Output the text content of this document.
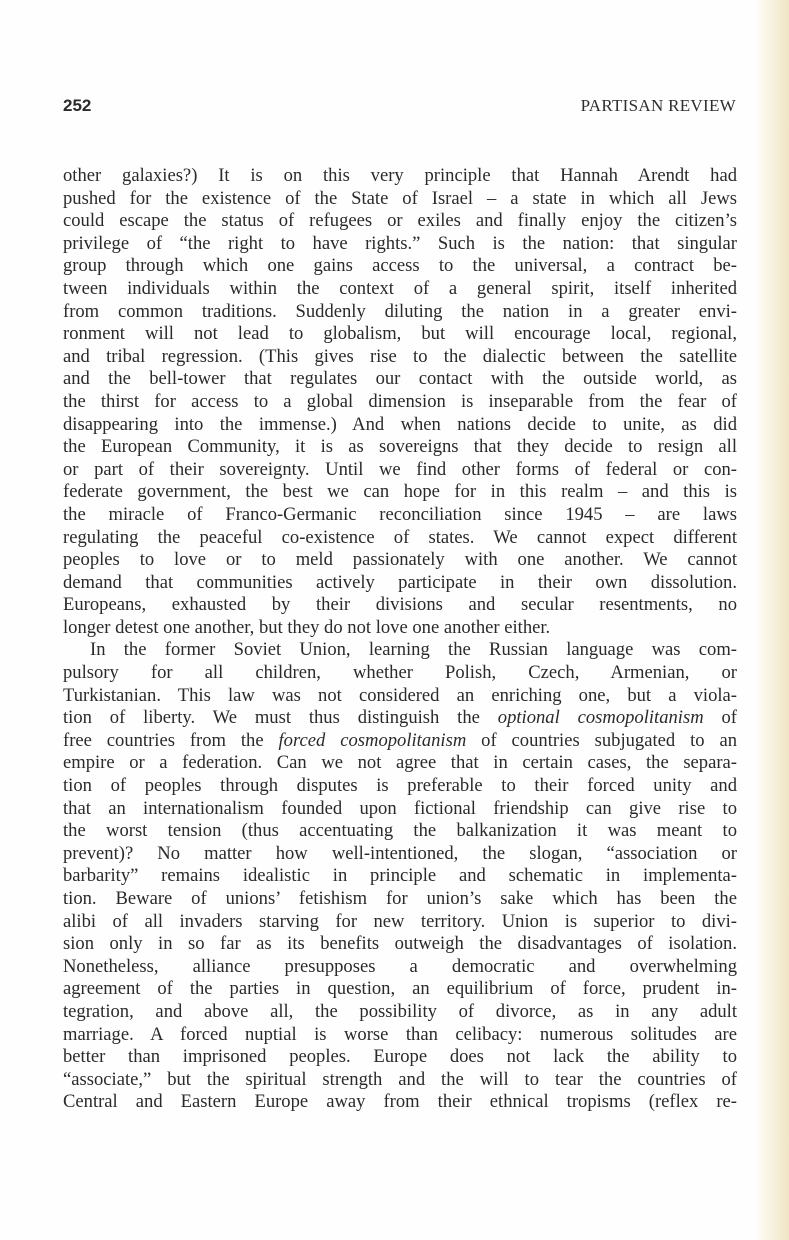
252	PARTISAN REVIEW
other galaxies?) It is on this very principle that Hannah Arendt had
pushed for the existence of the State of Israel – a state in which all Jews
could escape the status of refugees or exiles and finally enjoy the citizen’s
privilege of “the right to have rights.” Such is the nation: that singular
group through which one gains access to the universal, a contract be-
tween individuals within the context of a general spirit, itself inherited
from common traditions. Suddenly diluting the nation in a greater envi-
ronment will not lead to globalism, but will encourage local, regional,
and tribal regression. (This gives rise to the dialectic between the satellite
and the bell-tower that regulates our contact with the outside world, as
the thirst for access to a global dimension is inseparable from the fear of
disappearing into the immense.) And when nations decide to unite, as did
the European Community, it is as sovereigns that they decide to resign all
or part of their sovereignty. Until we find other forms of federal or con-
federate government, the best we can hope for in this realm – and this is
the miracle of Franco-Germanic reconciliation since 1945 – are laws
regulating the peaceful co-existence of states. We cannot expect different
peoples to love or to meld passionately with one another. We cannot
demand that communities actively participate in their own dissolution.
Europeans, exhausted by their divisions and secular resentments, no
longer detest one another, but they do not love one another either.
In the former Soviet Union, learning the Russian language was com-
pulsory for all children, whether Polish, Czech, Armenian, or
Turkistanian. This law was not considered an enriching one, but a viola-
tion of liberty. We must thus distinguish the optional cosmopolitanism of
free countries from the forced cosmopolitanism of countries subjugated to an
empire or a federation. Can we not agree that in certain cases, the separa-
tion of peoples through disputes is preferable to their forced unity and
that an internationalism founded upon fictional friendship can give rise to
the worst tension (thus accentuating the balkanization it was meant to
prevent)? No matter how well-intentioned, the slogan, “association or
barbarity” remains idealistic in principle and schematic in implementa-
tion. Beware of unions’ fetishism for union’s sake which has been the
alibi of all invaders starving for new territory. Union is superior to divi-
sion only in so far as its benefits outweigh the disadvantages of isolation.
Nonetheless, alliance presupposes a democratic and overwhelming
agreement of the parties in question, an equilibrium of force, prudent in-
tegration, and above all, the possibility of divorce, as in any adult
marriage. A forced nuptial is worse than celibacy: numerous solitudes are
better than imprisoned peoples. Europe does not lack the ability to
“associate,” but the spiritual strength and the will to tear the countries of
Central and Eastern Europe away from their ethnical tropisms (reflex re-
